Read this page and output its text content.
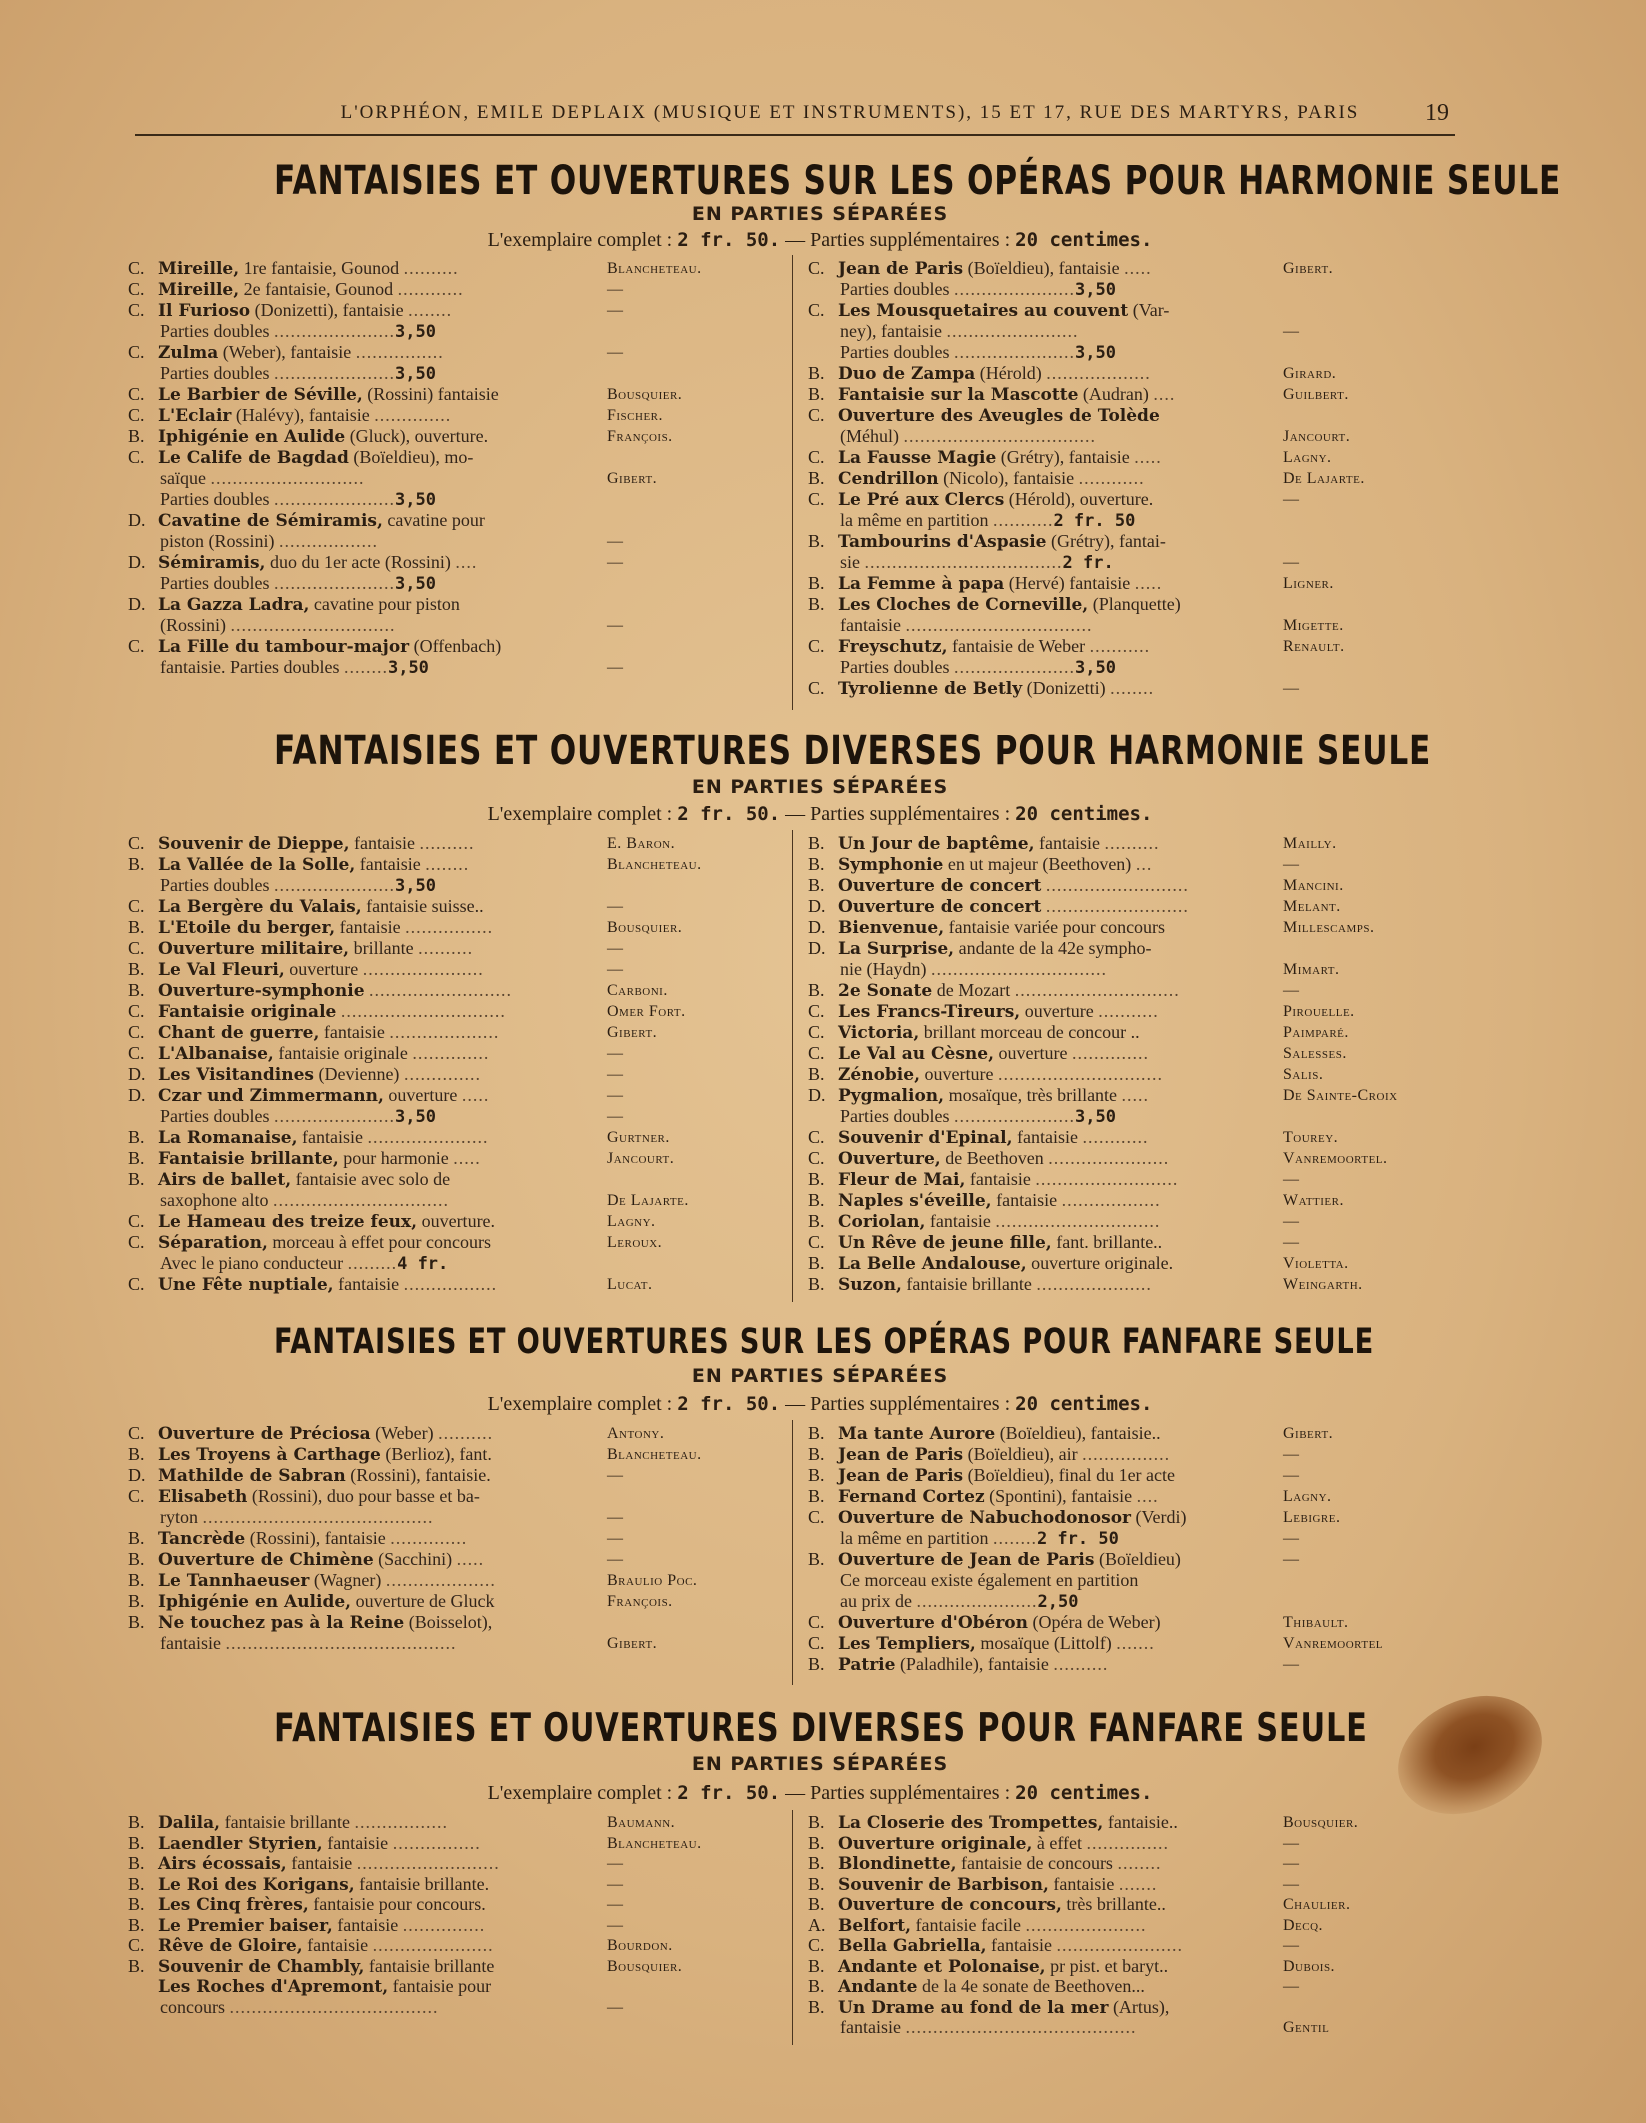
L'ORPHÉON, EMILE DEPLAIX (MUSIQUE ET INSTRUMENTS), 15 ET 17, RUE DES MARTYRS, PARIS	19
FANTAISIES ET OUVERTURES SUR LES OPÉRAS POUR HARMONIE SEULE
EN PARTIES SÉPARÉES
L'exemplaire complet : 2 fr. 50. — Parties supplémentaires : 20 centimes.
C. Mireille, 1re fantaisie, Gounod ..........	Blancheteau.
C. Mireille, 2e fantaisie, Gounod ............	—
C. Il Furioso (Donizetti), fantaisie ........	—
Parties doubles ......................3,50
C. Zulma (Weber), fantaisie ................	—
Parties doubles ......................3,50
C. Le Barbier de Séville, (Rossini) fantaisie	Bousquier.
C. L'Eclair (Halévy), fantaisie ..............	Fischer.
B. Iphigénie en Aulide (Gluck), ouverture.	François.
C. Le Calife de Bagdad (Boïeldieu), mo-
saïque ............................	Gibert.
Parties doubles ......................3,50
D. Cavatine de Sémiramis, cavatine pour
piston (Rossini) ..................	—
D. Sémiramis, duo du 1er acte (Rossini) ....	—
Parties doubles ......................3,50
D. La Gazza Ladra, cavatine pour piston
(Rossini) ..............................	—
C. La Fille du tambour-major (Offenbach)
fantaisie. Parties doubles ........3,50	—
C. Jean de Paris (Boïeldieu), fantaisie .....	Gibert.
Parties doubles ......................3,50
C. Les Mousquetaires au couvent (Var-
ney), fantaisie ........................	—
Parties doubles ......................3,50
B. Duo de Zampa (Hérold) ...................	Girard.
B. Fantaisie sur la Mascotte (Audran) ....	Guilbert.
C. Ouverture des Aveugles de Tolède
(Méhul) ...................................	Jancourt.
C. La Fausse Magie (Grétry), fantaisie .....	Lagny.
B. Cendrillon (Nicolo), fantaisie ............	De Lajarte.
C. Le Pré aux Clercs (Hérold), ouverture.	—
la même en partition ...........2 fr. 50
B. Tambourins d'Aspasie (Grétry), fantai-
sie ....................................2 fr.	—
B. La Femme à papa (Hervé) fantaisie .....	Ligner.
B. Les Cloches de Corneville, (Planquette)
fantaisie ..................................	Migette.
C. Freyschutz, fantaisie de Weber ...........	Renault.
Parties doubles ......................3,50
C. Tyrolienne de Betly (Donizetti) ........	—
FANTAISIES ET OUVERTURES DIVERSES POUR HARMONIE SEULE
EN PARTIES SÉPARÉES
L'exemplaire complet : 2 fr. 50. — Parties supplémentaires : 20 centimes.
C. Souvenir de Dieppe, fantaisie ..........	E. Baron.
B. La Vallée de la Solle, fantaisie ........	Blancheteau.
Parties doubles ......................3,50
C. La Bergère du Valais, fantaisie suisse..	—
B. L'Etoile du berger, fantaisie ................	Bousquier.
C. Ouverture militaire, brillante ..........	—
B. Le Val Fleuri, ouverture ......................	—
B. Ouverture-symphonie ..........................	Carboni.
C. Fantaisie originale ..............................	Omer Fort.
C. Chant de guerre, fantaisie ....................	Gibert.
C. L'Albanaise, fantaisie originale ..............	—
D. Les Visitandines (Devienne) ..............	—
D. Czar und Zimmermann, ouverture .....	—
Parties doubles ......................3,50	—
B. La Romanaise, fantaisie ......................	Gurtner.
B. Fantaisie brillante, pour harmonie .....	Jancourt.
B. Airs de ballet, fantaisie avec solo de
saxophone alto ................................	De Lajarte.
C. Le Hameau des treize feux, ouverture.	Lagny.
C. Séparation, morceau à effet pour concours	Leroux.
Avec le piano conducteur .........4 fr.
C. Une Fête nuptiale, fantaisie .................	Lucat.
B. Un Jour de baptême, fantaisie ..........	Mailly.
B. Symphonie en ut majeur (Beethoven) ...	—
B. Ouverture de concert ..........................	Mancini.
D. Ouverture de concert ..........................	Melant.
D. Bienvenue, fantaisie variée pour concours	Millescamps.
D. La Surprise, andante de la 42e sympho-
nie (Haydn) ................................	Mimart.
B. 2e Sonate de Mozart ..............................	—
C. Les Francs-Tireurs, ouverture ...........	Pirouelle.
C. Victoria, brillant morceau de concour ..	Paimparé.
C. Le Val au Cèsne, ouverture ..............	Salesses.
B. Zénobie, ouverture ..............................	Salis.
D. Pygmalion, mosaïque, très brillante .....	De Sainte-Croix
Parties doubles ......................3,50
C. Souvenir d'Epinal, fantaisie ............	Tourey.
C. Ouverture, de Beethoven ......................	Vanremoortel.
B. Fleur de Mai, fantaisie ..........................	—
B. Naples s'éveille, fantaisie ..................	Wattier.
B. Coriolan, fantaisie ..............................	—
C. Un Rêve de jeune fille, fant. brillante..	—
B. La Belle Andalouse, ouverture originale.	Violetta.
B. Suzon, fantaisie brillante .....................	Weingarth.
FANTAISIES ET OUVERTURES SUR LES OPÉRAS POUR FANFARE SEULE
EN PARTIES SÉPARÉES
L'exemplaire complet : 2 fr. 50. — Parties supplémentaires : 20 centimes.
C. Ouverture de Préciosa (Weber) ..........	Antony.
B. Les Troyens à Carthage (Berlioz), fant.	Blancheteau.
D. Mathilde de Sabran (Rossini), fantaisie.	—
C. Elisabeth (Rossini), duo pour basse et ba-
ryton ..........................................	—
B. Tancrède (Rossini), fantaisie ..............	—
B. Ouverture de Chimène (Sacchini) .....	—
B. Le Tannhaeuser (Wagner) ....................	Braulio Poc.
B. Iphigénie en Aulide, ouverture de Gluck	François.
B. Ne touchez pas à la Reine (Boisselot),
fantaisie ..........................................	Gibert.
B. Ma tante Aurore (Boïeldieu), fantaisie..	Gibert.
B. Jean de Paris (Boïeldieu), air ................	—
B. Jean de Paris (Boïeldieu), final du 1er acte	—
B. Fernand Cortez (Spontini), fantaisie ....	Lagny.
C. Ouverture de Nabuchodonosor (Verdi)	Lebigre.
la même en partition ........2 fr. 50	—
B. Ouverture de Jean de Paris (Boïeldieu)	—
Ce morceau existe également en partition
au prix de ......................2,50
C. Ouverture d'Obéron (Opéra de Weber)	Thibault.
C. Les Templiers, mosaïque (Littolf) .......	Vanremoortel
B. Patrie (Paladhile), fantaisie ..........	—
FANTAISIES ET OUVERTURES DIVERSES POUR FANFARE SEULE
EN PARTIES SÉPARÉES
L'exemplaire complet : 2 fr. 50. — Parties supplémentaires : 20 centimes.
B. Dalila, fantaisie brillante .................	Baumann.
B. Laendler Styrien, fantaisie ................	Blancheteau.
B. Airs écossais, fantaisie ..........................	—
B. Le Roi des Korigans, fantaisie brillante.	—
B. Les Cinq frères, fantaisie pour concours.	—
B. Le Premier baiser, fantaisie ...............	—
C. Rêve de Gloire, fantaisie ......................	Bourdon.
B. Souvenir de Chambly, fantaisie brillante	Bousquier.
Les Roches d'Apremont, fantaisie pour
concours ......................................	—
B. La Closerie des Trompettes, fantaisie..	Bousquier.
B. Ouverture originale, à effet ...............	—
B. Blondinette, fantaisie de concours ........	—
B. Souvenir de Barbison, fantaisie .......	—
B. Ouverture de concours, très brillante..	Chaulier.
A. Belfort, fantaisie facile ......................	Decq.
C. Bella Gabriella, fantaisie .......................	—
B. Andante et Polonaise, pr pist. et baryt..	Dubois.
B. Andante de la 4e sonate de Beethoven...	—
B. Un Drame au fond de la mer (Artus),
fantaisie ..........................................	Gentil
